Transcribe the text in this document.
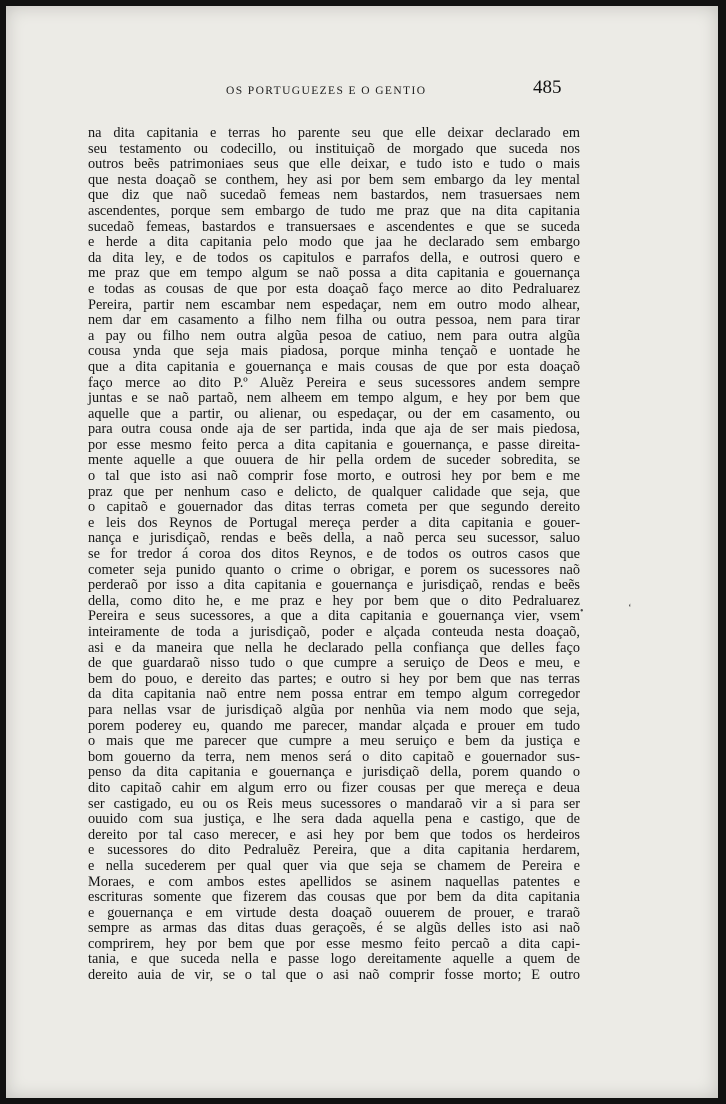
OS PORTUGUEZES E O GENTIO	485
na dita capitania e terras ho parente seu que elle deixar declarado em
seu testamento ou codecillo, ou instituiçaõ de morgado que suceda nos
outros beẽs patrimoniaes seus que elle deixar, e tudo isto e tudo o mais
que nesta doaçaõ se conthem, hey asi por bem sem embargo da ley mental
que diz que naõ sucedaõ femeas nem bastardos, nem trasuersaes nem
ascendentes, porque sem embargo de tudo me praz que na dita capitania
sucedaõ femeas, bastardos e transuersaes e ascendentes e que se suceda
e herde a dita capitania pelo modo que jaa he declarado sem embargo
da dita ley, e de todos os capitulos e parrafos della, e outrosi quero e
me praz que em tempo algum se naõ possa a dita capitania e gouernança
e todas as cousas de que por esta doaçaõ faço merce ao dito Pedraluarez
Pereira, partir nem escambar nem espedaçar, nem em outro modo alhear,
nem dar em casamento a filho nem filha ou outra pessoa, nem para tirar
a pay ou filho nem outra algũa pesoa de catiuo, nem para outra algũa
cousa ynda que seja mais piadosa, porque minha tençaõ e uontade he
que a dita capitania e gouernança e mais cousas de que por esta doaçaõ
faço merce ao dito P.º Aluẽz Pereira e seus sucessores andem sempre
juntas e se naõ partaõ, nem alheem em tempo algum, e hey por bem que
aquelle que a partir, ou alienar, ou espedaçar, ou der em casamento, ou
para outra cousa onde aja de ser partida, inda que aja de ser mais piedosa,
por esse mesmo feito perca a dita capitania e gouernança, e passe direita-
mente aquelle a que ouuera de hir pella ordem de suceder sobredita, se
o tal que isto asi naõ comprir fose morto, e outrosi hey por bem e me
praz que per nenhum caso e delicto, de qualquer calidade que seja, que
o capitaõ e gouernador das ditas terras cometa per que segundo dereito
e leis dos Reynos de Portugal mereça perder a dita capitania e gouer-
nança e jurisdiçaõ, rendas e beẽs della, a naõ perca seu sucessor, saluo
se for tredor á coroa dos ditos Reynos, e de todos os outros casos que
cometer seja punido quanto o crime o obrigar, e porem os sucessores naõ
perderaõ por isso a dita capitania e gouernança e jurisdiçaõ, rendas e beẽs
della, como dito he, e me praz e hey por bem que o dito Pedraluarez
Pereira e seus sucessores, a que a dita capitania e gouernança vier, vsem
inteiramente de toda a jurisdiçaõ, poder e alçada conteuda nesta doaçaõ,
asi e da maneira que nella he declarado pella confiança que delles faço
de que guardaraõ nisso tudo o que cumpre a seruiço de Deos e meu, e
bem do pouo, e dereito das partes; e outro si hey por bem que nas terras
da dita capitania naõ entre nem possa entrar em tempo algum corregedor
para nellas vsar de jurisdiçaõ algũa por nenhũa via nem modo que seja,
porem poderey eu, quando me parecer, mandar alçada e prouer em tudo
o mais que me parecer que cumpre a meu seruiço e bem da justiça e
bom gouerno da terra, nem menos será o dito capitaõ e gouernador sus-
penso da dita capitania e gouernança e jurisdiçaõ della, porem quando o
dito capitaõ cahir em algum erro ou fizer cousas per que mereça e deua
ser castigado, eu ou os Reis meus sucessores o mandaraõ vir a si para ser
ouuido com sua justiça, e lhe sera dada aquella pena e castigo, que de
dereito por tal caso merecer, e asi hey por bem que todos os herdeiros
e sucessores do dito Pedraluẽz Pereira, que a dita capitania herdarem,
e nella sucederem per qual quer via que seja se chamem de Pereira e
Moraes, e com ambos estes apellidos se asinem naquellas patentes e
escrituras somente que fizerem das cousas que por bem da dita capitania
e gouernança e em virtude desta doaçaõ ouuerem de prouer, e traraõ
sempre as armas das ditas duas geraçoẽs, é se algũs delles isto asi naõ
comprirem, hey por bem que por esse mesmo feito percaõ a dita capi-
tania, e que suceda nella e passe logo dereitamente aquelle a quem de
dereito auia de vir, se o tal que o asi naõ comprir fosse morto; E outro
•	‘
